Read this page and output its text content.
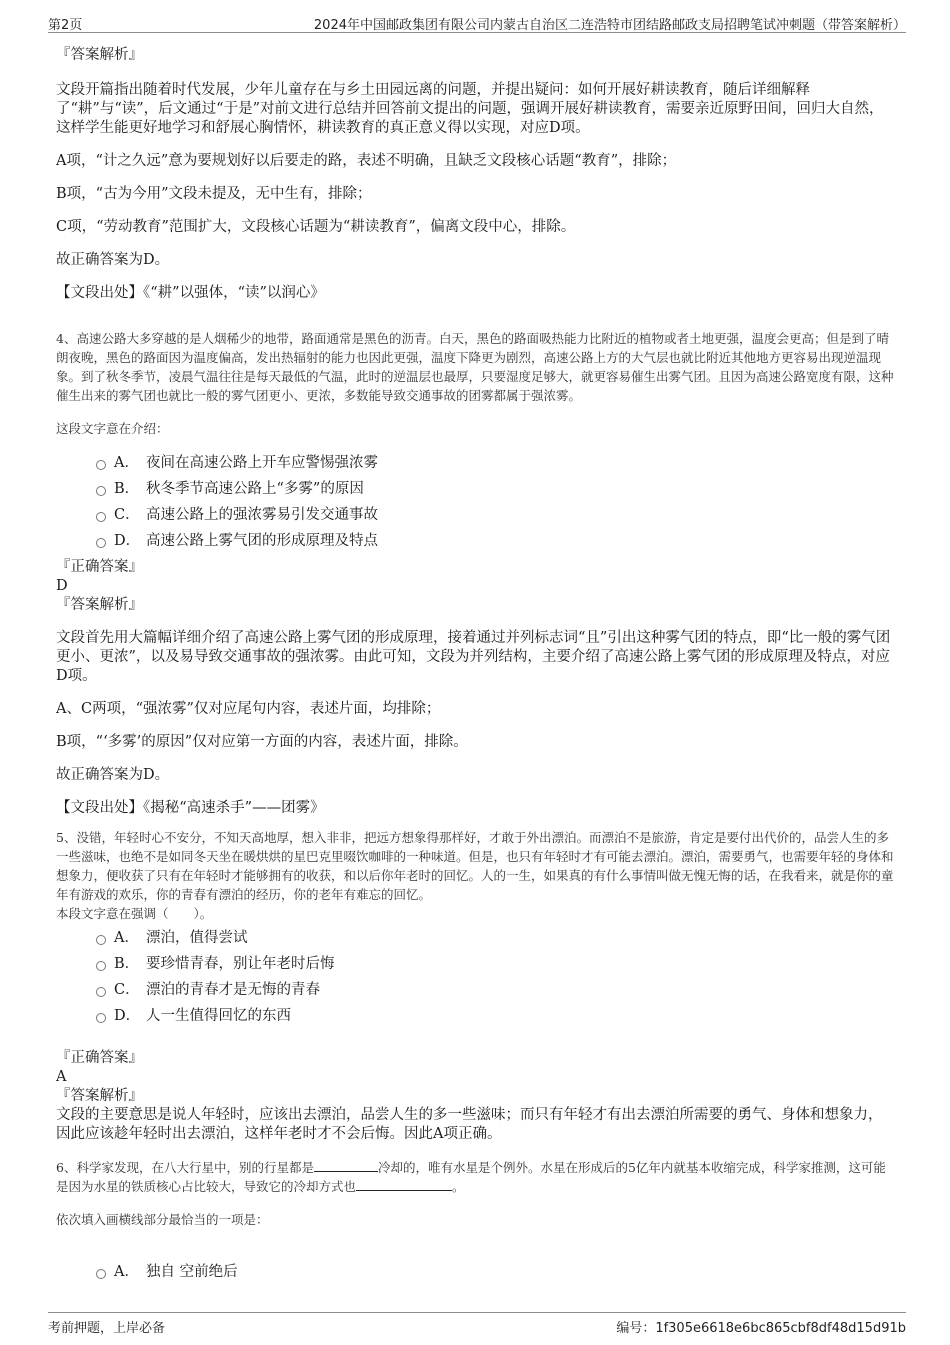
第2页	2024年中国邮政集团有限公司内蒙古自治区二连浩特市团结路邮政支局招聘笔试冲刺题（带答案解析）

『答案解析』

文段开篇指出随着时代发展，少年儿童存在与乡土田园远离的问题，并提出疑问：如何开展好耕读教育，随后详细解释了“耕”与“读”，后文通过“于是”对前文进行总结并回答前文提出的问题，强调开展好耕读教育，需要亲近原野田间，回归大自然，这样学生能更好地学习和舒展心胸情怀，耕读教育的真正意义得以实现，对应D项。

A项，“计之久远”意为要规划好以后要走的路，表述不明确，且缺乏文段核心话题“教育”，排除；

B项，“古为今用”文段未提及，无中生有，排除；

C项，“劳动教育”范围扩大，文段核心话题为“耕读教育”，偏离文段中心，排除。

故正确答案为D。

【文段出处】《“耕”以强体，“读”以润心》

4、高速公路大多穿越的是人烟稀少的地带，路面通常是黑色的沥青。白天，黑色的路面吸热能力比附近的植物或者土地更强，温度会更高；但是到了晴朗夜晚，黑色的路面因为温度偏高，发出热辐射的能力也因此更强，温度下降更为剧烈，高速公路上方的大气层也就比附近其他地方更容易出现逆温现象。到了秋冬季节，凌晨气温往往是每天最低的气温，此时的逆温层也最厚，只要湿度足够大，就更容易催生出雾气团。且因为高速公路宽度有限，这种催生出来的雾气团也就比一般的雾气团更小、更浓，多数能导致交通事故的团雾都属于强浓雾。

这段文字意在介绍：

A． 夜间在高速公路上开车应警惕强浓雾
B． 秋冬季节高速公路上“多雾”的原因
C． 高速公路上的强浓雾易引发交通事故
D． 高速公路上雾气团的形成原理及特点

『正确答案』

D

『答案解析』

文段首先用大篇幅详细介绍了高速公路上雾气团的形成原理，接着通过并列标志词“且”引出这种雾气团的特点，即“比一般的雾气团更小、更浓”，以及易导致交通事故的强浓雾。由此可知，文段为并列结构，主要介绍了高速公路上雾气团的形成原理及特点，对应D项。

A、C两项，“强浓雾”仅对应尾句内容，表述片面，均排除；

B项，“‘多雾’的原因”仅对应第一方面的内容，表述片面，排除。

故正确答案为D。

【文段出处】《揭秘“高速杀手”——团雾》

5、没错，年轻时心不安分，不知天高地厚，想入非非，把远方想象得那样好，才敢于外出漂泊。而漂泊不是旅游，肯定是要付出代价的，品尝人生的多一些滋味，也绝不是如同冬天坐在暖烘烘的星巴克里啜饮咖啡的一种味道。但是，也只有年轻时才有可能去漂泊。漂泊，需要勇气，也需要年轻的身体和想象力，便收获了只有在年轻时才能够拥有的收获，和以后你年老时的回忆。人的一生，如果真的有什么事情叫做无愧无悔的话，在我看来，就是你的童年有游戏的欢乐，你的青春有漂泊的经历，你的老年有难忘的回忆。

本段文字意在强调（　　）。

A． 漂泊，值得尝试
B． 要珍惜青春，别让年老时后悔
C． 漂泊的青春才是无悔的青春
D． 人一生值得回忆的东西

『正确答案』

A

『答案解析』

文段的主要意思是说人年轻时，应该出去漂泊，品尝人生的多一些滋味；而只有年轻才有出去漂泊所需要的勇气、身体和想象力，因此应该趁年轻时出去漂泊，这样年老时才不会后悔。因此A项正确。

6、科学家发现，在八大行星中，别的行星都是	冷却的，唯有水星是个例外。水星在形成后的5亿年内就基本收缩完成，科学家推测，这可能是因为水星的铁质核心占比较大，导致它的冷却方式也	。

依次填入画横线部分最恰当的一项是：

A． 独自 空前绝后
考前押题，上岸必备	编号：1f305e6618e6bc865cbf8df48d15d91b
